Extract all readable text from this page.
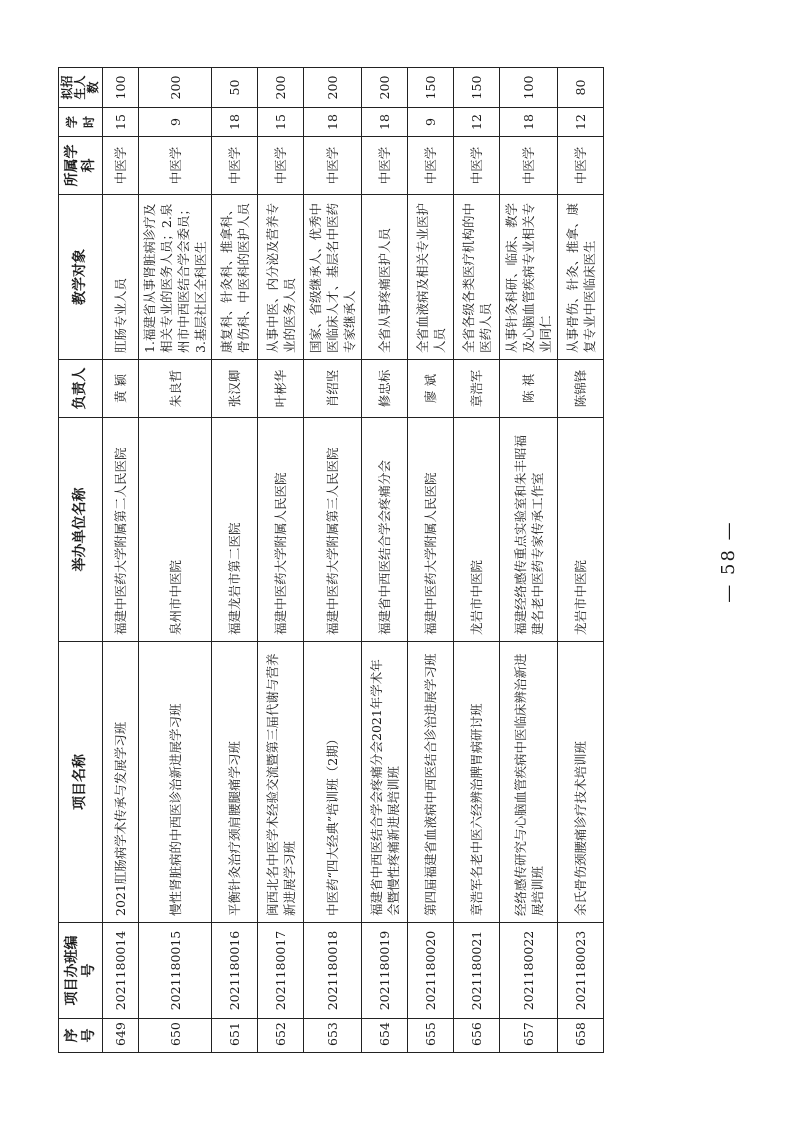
序号	项目办班编号	项目名称	举办单位名称	负责人	教学对象	所属学科	学时	拟招生人数
649	2021180014	2021肛肠病学术传承与发展学习班	福建中医药大学附属第二人民医院	黄 颖	肛肠专业人员	中医学	15	100
650	2021180015	慢性肾脏病的中西医诊治新进展学习班	泉州市中医院	朱良哲	1.福建省从事肾脏病诊疗及相关专业的医务人员；2.泉州市中西医结合学会委员；3.基层社区全科医生	中医学	9	200
651	2021180016	平衡针灸治疗颈肩腰腿痛学习班	福建龙岩市第二医院	张汉卿	康复科、针灸科、推拿科、骨伤科、中医科的医护人员	中医学	18	50
652	2021180017	闽西北名中医学术经验交流暨第三届代谢与营养新进展学习班	福建中医药大学附属人民医院	叶彬华	从事中医、内分泌及营养专业的医务人员	中医学	15	200
653	2021180018	中医药“四大经典”培训班（2期）	福建中医药大学附属第三人民医院	肖绍坚	国家、省级继承人、优秀中医临床人才、基层名中医药专家继承人	中医学	18	200
654	2021180019	福建省中西医结合学会疼痛分会2021年学术年会暨慢性疼痛新进展培训班	福建省中西医结合学会疼痛分会	修忠标	全省从事疼痛医护人员	中医学	18	200
655	2021180020	第四届福建省血液病中西医结合诊治进展学习班	福建中医药大学附属人民医院	廖 斌	全省血液病及相关专业医护人员	中医学	9	150
656	2021180021	章浩军名老中医六经辨治脾胃病研讨班	龙岩市中医院	章浩军	全省各级各类医疗机构的中医药人员	中医学	12	150
657	2021180022	经络感传研究与心脑血管疾病中医临床辨治新进展培训班	福建经络感传重点实验室和朱丰昭福建名老中医药专家传承工作室	陈 祺	从事针灸科研、临床、教学及心脑血管疾病专业相关专业同仁	中医学	18	100
658	2021180023	余氏骨伤颈腰痛诊疗技术培训班	龙岩市中医院	陈锦锋	从事骨伤、针灸、推拿、康复专业中医临床医生	中医学	12	80
— 58 —
